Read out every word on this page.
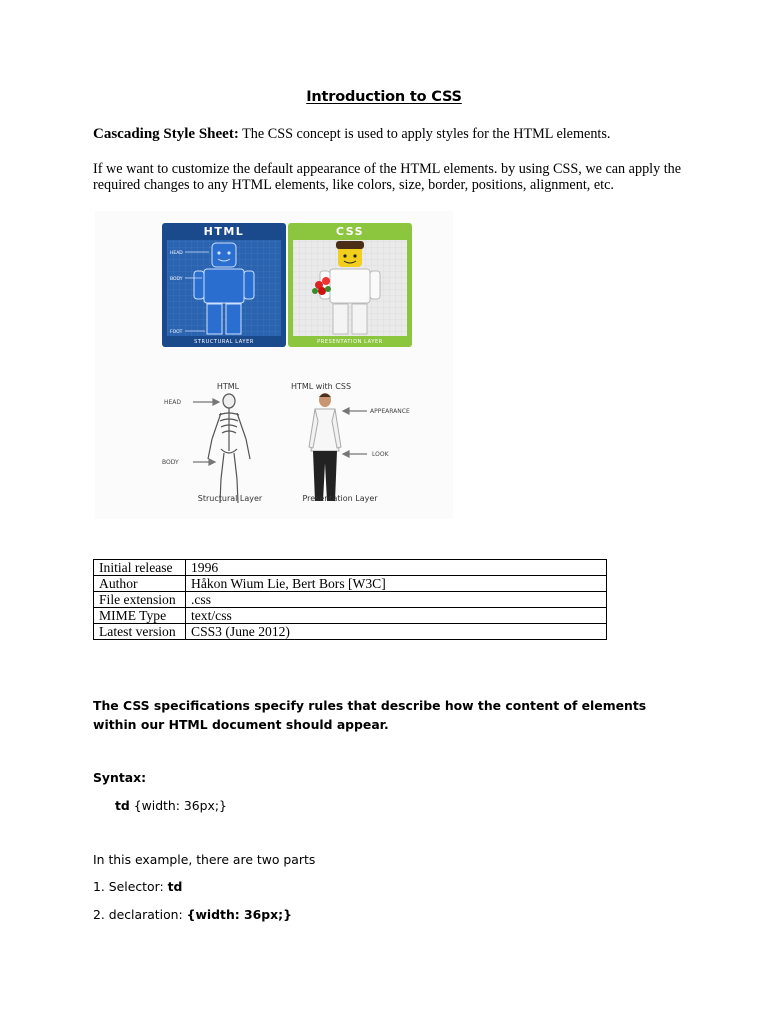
Introduction to CSS
Cascading Style Sheet: The CSS concept is used to apply styles for the HTML elements.
If we want to customize the default appearance of the HTML elements. by using CSS, we can apply the required changes to any HTML elements, like colors, size, border, positions, alignment, etc.
HTML
HEAD
BODY
FOOT
STRUCTURAL LAYER
CSS
PRESENTATION LAYER
HTML
HEAD
BODY
Structural Layer
HTML with CSS
APPEARANCE
LOOK
Presentation Layer
Initial release	1996
Author	Håkon Wium Lie, Bert Bors [W3C]
File extension	.css
MIME Type	text/css
Latest version	CSS3 (June 2012)
The CSS specifications specify rules that describe how the content of elements within our HTML document should appear.
Syntax:
td {width: 36px;}
In this example, there are two parts
1. Selector: td
2. declaration: {width: 36px;}
